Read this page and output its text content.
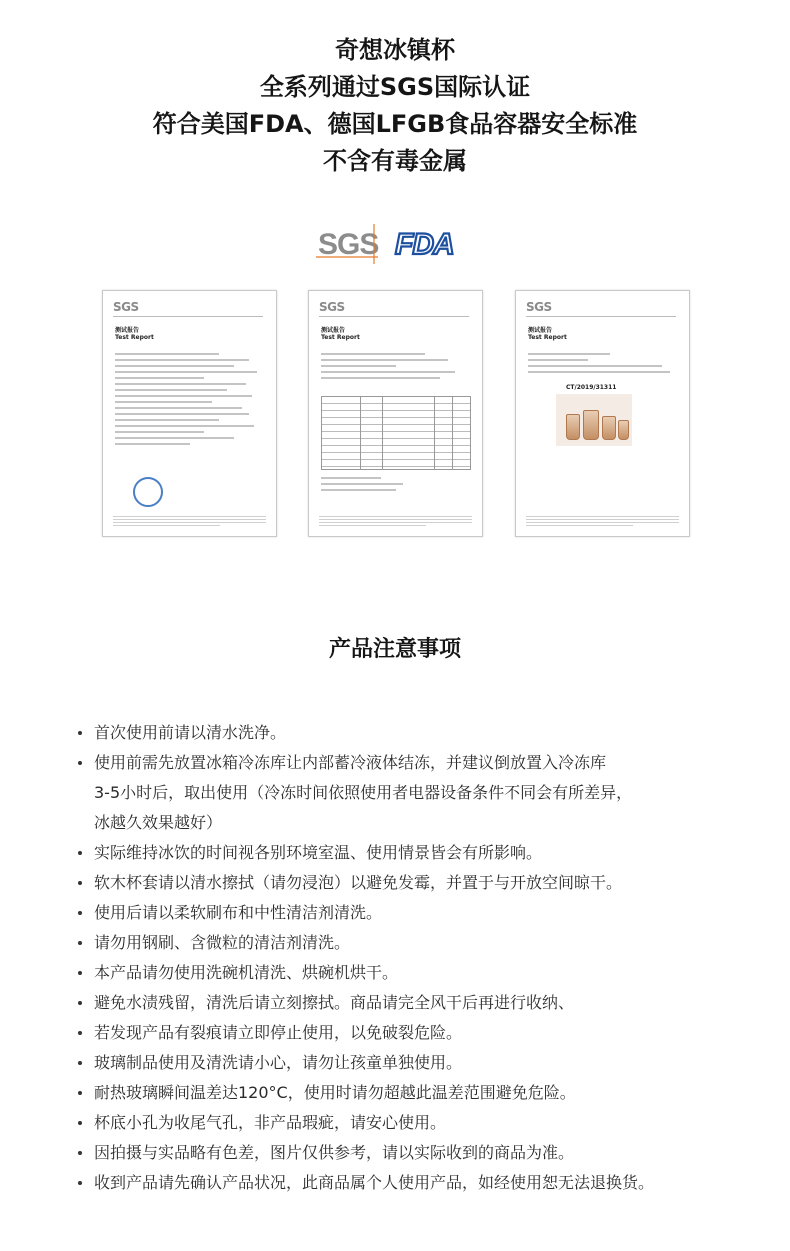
奇想冰镇杯
全系列通过SGS国际认证
符合美国FDA、德国LFGB食品容器安全标准
不含有毒金属
SGS FDA
SGS
测试报告
Test Report
SGS
测试报告
Test Report
SGS
测试报告
Test Report
CT/2019/31311
产品注意事项
首次使用前请以清水洗净。
使用前需先放置冰箱冷冻库让内部蓄冷液体结冻，并建议倒放置入冷冻库
3-5小时后，取出使用（冷冻时间依照使用者电器设备条件不同会有所差异，
冰越久效果越好）
实际维持冰饮的时间视各别环境室温、使用情景皆会有所影响。
软木杯套请以清水擦拭（请勿浸泡）以避免发霉，并置于与开放空间晾干。
使用后请以柔软刷布和中性清洁剂清洗。
请勿用钢刷、含微粒的清洁剂清洗。
本产品请勿使用洗碗机清洗、烘碗机烘干。
避免水渍残留，清洗后请立刻擦拭。商品请完全风干后再进行收纳、
若发现产品有裂痕请立即停止使用，以免破裂危险。
玻璃制品使用及清洗请小心，请勿让孩童单独使用。
耐热玻璃瞬间温差达120°C，使用时请勿超越此温差范围避免危险。
杯底小孔为收尾气孔，非产品瑕疵，请安心使用。
因拍摄与实品略有色差，图片仅供参考，请以实际收到的商品为准。
收到产品请先确认产品状况，此商品属个人使用产品，如经使用恕无法退换货。
